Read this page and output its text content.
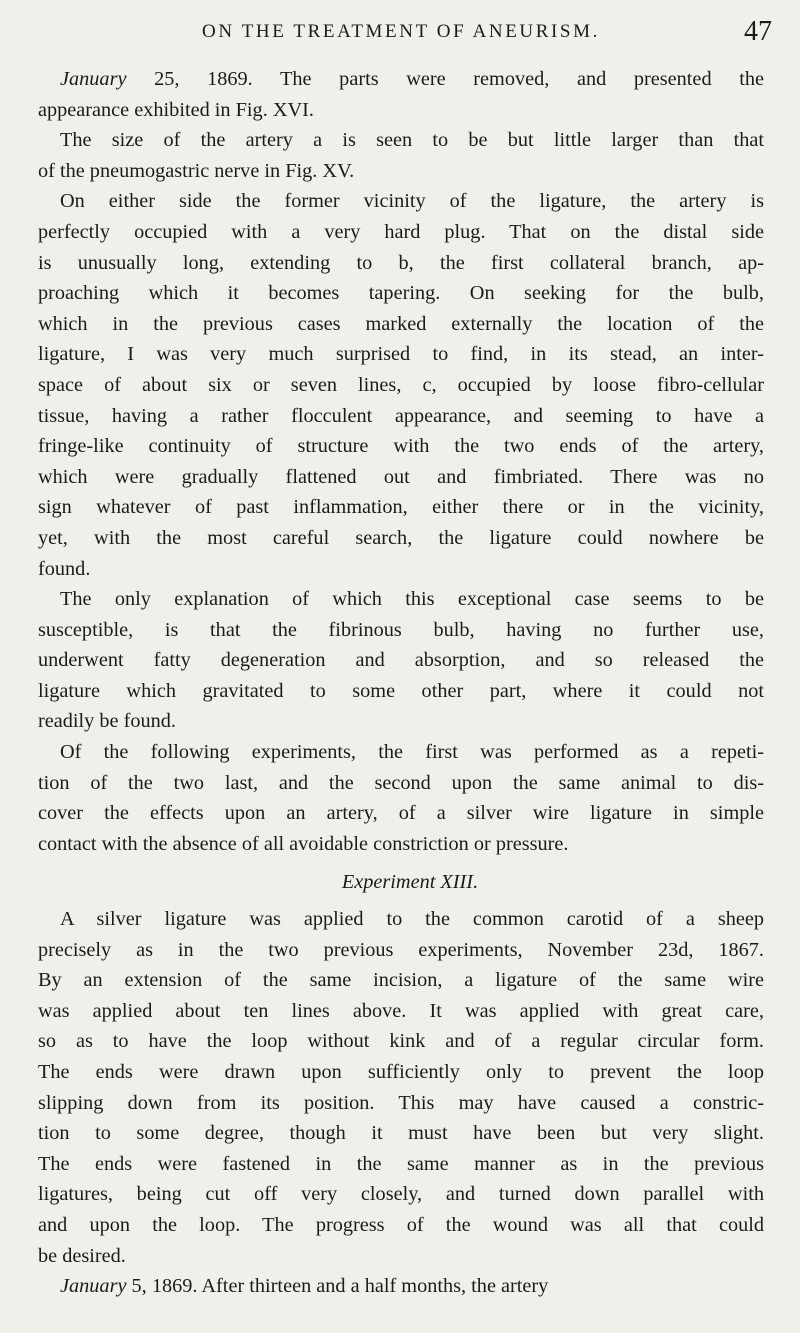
ON THE TREATMENT OF ANEURISM.	47
January 25, 1869. The parts were removed, and presented the
appearance exhibited in Fig. XVI.
The size of the artery a is seen to be but little larger than that
of the pneumogastric nerve in Fig. XV.
On either side the former vicinity of the ligature, the artery is
perfectly occupied with a very hard plug. That on the distal side
is unusually long, extending to b, the first collateral branch, ap-
proaching which it becomes tapering. On seeking for the bulb,
which in the previous cases marked externally the location of the
ligature, I was very much surprised to find, in its stead, an inter-
space of about six or seven lines, c, occupied by loose fibro-cellular
tissue, having a rather flocculent appearance, and seeming to have a
fringe-like continuity of structure with the two ends of the artery,
which were gradually flattened out and fimbriated. There was no
sign whatever of past inflammation, either there or in the vicinity,
yet, with the most careful search, the ligature could nowhere be
found.
The only explanation of which this exceptional case seems to be
susceptible, is that the fibrinous bulb, having no further use,
underwent fatty degeneration and absorption, and so released the
ligature which gravitated to some other part, where it could not
readily be found.
Of the following experiments, the first was performed as a repeti-
tion of the two last, and the second upon the same animal to dis-
cover the effects upon an artery, of a silver wire ligature in simple
contact with the absence of all avoidable constriction or pressure.
Experiment XIII.
A silver ligature was applied to the common carotid of a sheep
precisely as in the two previous experiments, November 23d, 1867.
By an extension of the same incision, a ligature of the same wire
was applied about ten lines above. It was applied with great care,
so as to have the loop without kink and of a regular circular form.
The ends were drawn upon sufficiently only to prevent the loop
slipping down from its position. This may have caused a constric-
tion to some degree, though it must have been but very slight.
The ends were fastened in the same manner as in the previous
ligatures, being cut off very closely, and turned down parallel with
and upon the loop. The progress of the wound was all that could
be desired.
January 5, 1869. After thirteen and a half months, the artery
